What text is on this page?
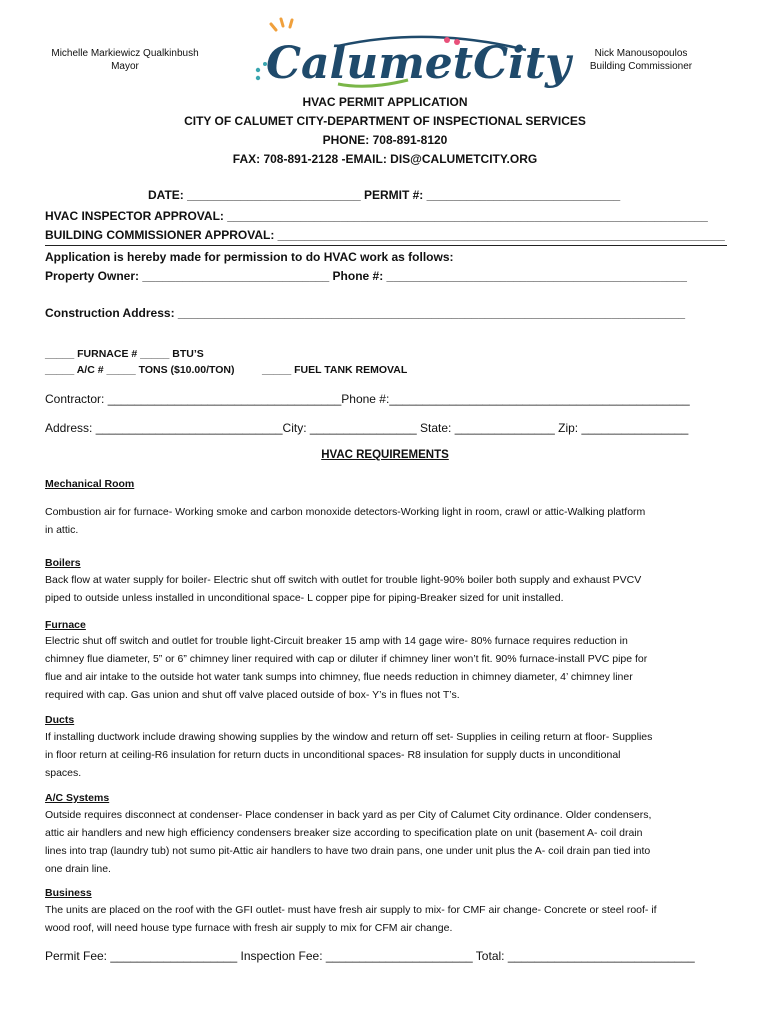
Michelle Markiewicz Qualkinbush
Mayor	CalumetCity	Nick Manousopoulos
Building Commissioner
HVAC PERMIT APPLICATION
CITY OF CALUMET CITY-DEPARTMENT OF INSPECTIONAL SERVICES
PHONE: 708-891-8120
FAX: 708-891-2128 -EMAIL: DIS@CALUMETCITY.ORG
DATE: __________________________ PERMIT #: _____________________________
HVAC INSPECTOR APPROVAL: ________________________________________________________________________
BUILDING COMMISSIONER APPROVAL: ___________________________________________________________________
Application is hereby made for permission to do HVAC work as follows:
Property Owner: ____________________________ Phone #: _____________________________________________
Construction Address: ____________________________________________________________________________
_____ FURNACE # _____ BTU’S
_____ A/C # _____ TONS ($10.00/TON)	_____ FUEL TANK REMOVAL
Contractor: ___________________________________Phone #:_____________________________________________
Address: ____________________________City: ________________ State: _______________ Zip: ________________
HVAC REQUIREMENTS
Mechanical Room
Combustion air for furnace- Working smoke and carbon monoxide detectors-Working light in room, crawl or attic-Walking platform
in attic.
Boilers
Back flow at water supply for boiler- Electric shut off switch with outlet for trouble light-90% boiler both supply and exhaust PVCV
piped to outside unless installed in unconditional space- L copper pipe for piping-Breaker sized for unit installed.
Furnace
Electric shut off switch and outlet for trouble light-Circuit breaker 15 amp with 14 gage wire- 80% furnace requires reduction in
chimney flue diameter, 5” or 6” chimney liner required with cap or diluter if chimney liner won’t fit. 90% furnace-install PVC pipe for
flue and air intake to the outside hot water tank sumps into chimney, flue needs reduction in chimney diameter, 4’ chimney liner
required with cap. Gas union and shut off valve placed outside of box- Y’s in flues not T’s.
Ducts
If installing ductwork include drawing showing supplies by the window and return off set- Supplies in ceiling return at floor- Supplies
in floor return at ceiling-R6 insulation for return ducts in unconditional spaces- R8 insulation for supply ducts in unconditional
spaces.
A/C Systems
Outside requires disconnect at condenser- Place condenser in back yard as per City of Calumet City ordinance. Older condensers,
attic air handlers and new high efficiency condensers breaker size according to specification plate on unit (basement A- coil drain
lines into trap (laundry tub) not sumo pit-Attic air handlers to have two drain pans, one under unit plus the A- coil drain pan tied into
one drain line.
Business
The units are placed on the roof with the GFI outlet- must have fresh air supply to mix- for CMF air change- Concrete or steel roof- if
wood roof, will need house type furnace with fresh air supply to mix for CFM air change.
Permit Fee: ___________________ Inspection Fee: ______________________ Total: ____________________________
